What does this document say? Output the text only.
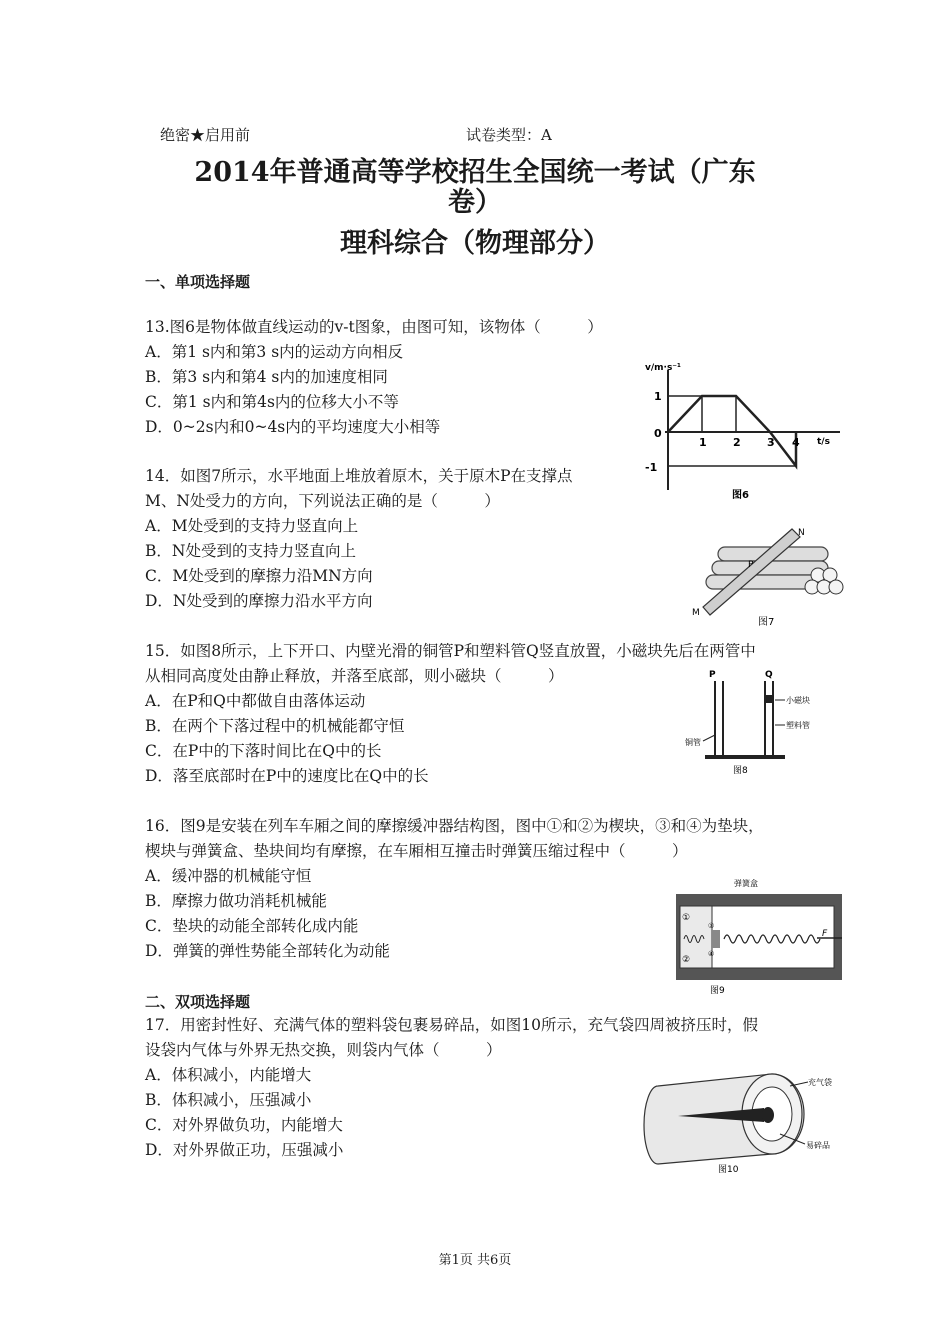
绝密★启用前	试卷类型：A
2014年普通高等学校招生全国统一考试（广东
卷）
理科综合（物理部分）
一、单项选择题
13.图6是物体做直线运动的v-t图象，由图可知，该物体（　　　）
A．第1 s内和第3 s内的运动方向相反
B．第3 s内和第4 s内的加速度相同
C．第1 s内和第4s内的位移大小不等
D．0~2s内和0~4s内的平均速度大小相等
v/m·s⁻¹
t/s
1
0
-1
1 2 3 4
图6
14．如图7所示，水平地面上堆放着原木，关于原木P在支撑点
M、N处受力的方向，下列说法正确的是（　　　）
A．M处受到的支持力竖直向上
B．N处受到的支持力竖直向上
C．M处受到的摩擦力沿MN方向
D．N处受到的摩擦力沿水平方向
M
N
P
图7
15．如图8所示，上下开口、内壁光滑的铜管P和塑料管Q竖直放置，小磁块先后在两管中
从相同高度处由静止释放，并落至底部，则小磁块（　　　）
A．在P和Q中都做自由落体运动
B．在两个下落过程中的机械能都守恒
C．在P中的下落时间比在Q中的长
D．落至底部时在P中的速度比在Q中的长
P	Q
小磁块
塑料管
铜管
图8
16．图9是安装在列车车厢之间的摩擦缓冲器结构图，图中①和②为楔块，③和④为垫块，
楔块与弹簧盒、垫块间均有摩擦，在车厢相互撞击时弹簧压缩过程中（　　　）
A．缓冲器的机械能守恒
B．摩擦力做功消耗机械能
C．垫块的动能全部转化成内能
D．弹簧的弹性势能全部转化为动能
弹簧盒
F
①
②
③
④
图9
二、双项选择题
17．用密封性好、充满气体的塑料袋包裹易碎品，如图10所示，充气袋四周被挤压时，假
设袋内气体与外界无热交换，则袋内气体（　　　）
A．体积减小，内能增大
B．体积减小，压强减小
C．对外界做负功，内能增大
D．对外界做正功，压强减小
充气袋
易碎品
图10
第1页 共6页
